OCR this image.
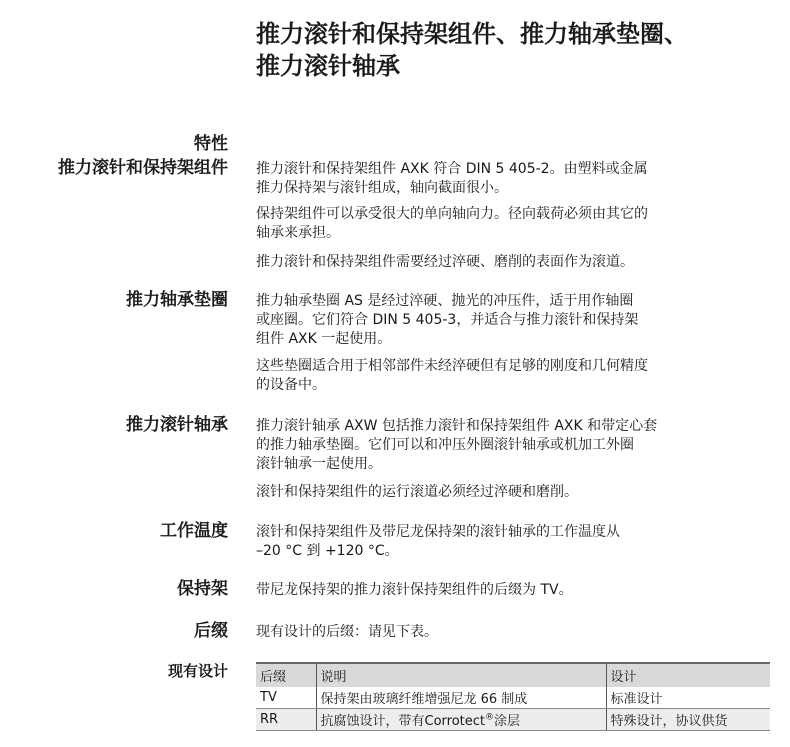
推力滚针和保持架组件、推力轴承垫圈、
推力滚针轴承
特性
推力滚针和保持架组件 推力滚针和保持架组件 AXK 符合 DIN 5 405-2。由塑料或金属
推力保持架与滚针组成，轴向截面很小。

保持架组件可以承受很大的单向轴向力。径向载荷必须由其它的
轴承来承担。

推力滚针和保持架组件需要经过淬硬、磨削的表面作为滚道。

推力轴承垫圈 推力轴承垫圈 AS 是经过淬硬、抛光的冲压件，适于用作轴圈
或座圈。它们符合 DIN 5 405-3，并适合与推力滚针和保持架
组件 AXK 一起使用。

这些垫圈适合用于相邻部件未经淬硬但有足够的刚度和几何精度
的设备中。

推力滚针轴承 推力滚针轴承 AXW 包括推力滚针和保持架组件 AXK 和带定心套
的推力轴承垫圈。它们可以和冲压外圈滚针轴承或机加工外圈
滚针轴承一起使用。

滚针和保持架组件的运行滚道必须经过淬硬和磨削。

工作温度 滚针和保持架组件及带尼龙保持架的滚针轴承的工作温度从
–20 °C 到 +120 °C。

保持架 带尼龙保持架的推力滚针保持架组件的后缀为 TV。

后缀 现有设计的后缀：请见下表。

现有设计 后缀	说明	设计
TV	保持架由玻璃纤维增强尼龙 66 制成	标准设计
RR	抗腐蚀设计，带有Corrotect®涂层	特殊设计，协议供货
